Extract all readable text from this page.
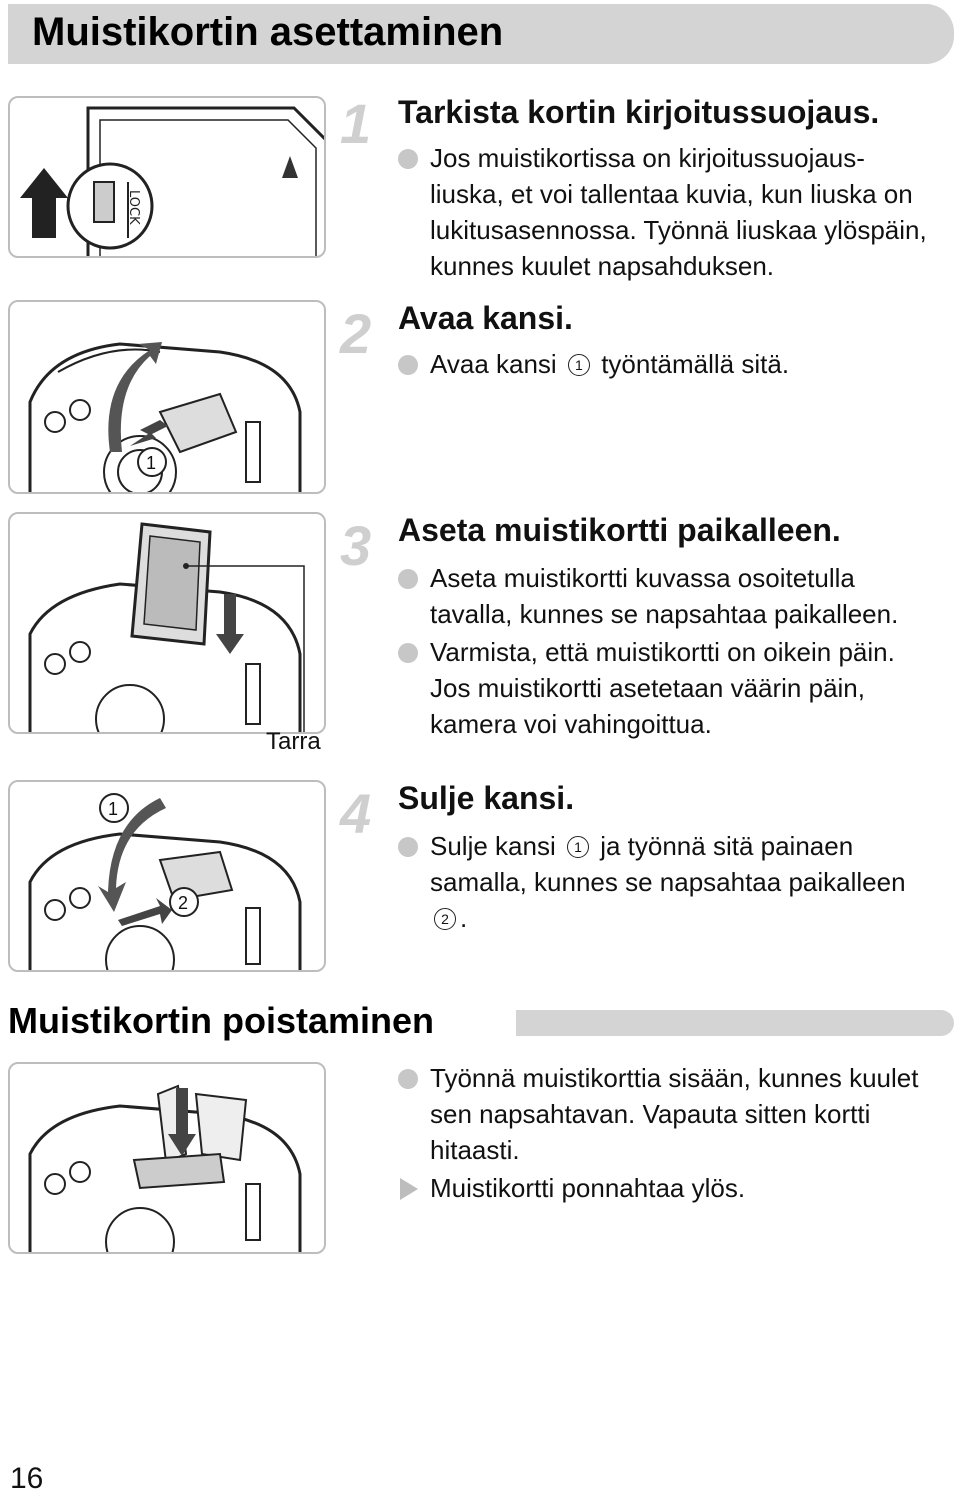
Muistikortin asettaminen
LOCK
1
Tarra
1
2
1 Tarkista kortin kirjoitussuojaus.
Jos muistikortissa on kirjoitussuojaus-liuska, et voi tallentaa kuvia, kun liuska on lukitusasennossa. Työnnä liuskaa ylöspäin, kunnes kuulet napsahduksen.
2 Avaa kansi.
Avaa kansi 1 työntämällä sitä.
3 Aseta muistikortti paikalleen.
Aseta muistikortti kuvassa osoitetulla tavalla, kunnes se napsahtaa paikalleen.
Varmista, että muistikortti on oikein päin. Jos muistikortti asetetaan väärin päin, kamera voi vahingoittua.
4 Sulje kansi.
Sulje kansi 1 ja työnnä sitä painaen samalla, kunnes se napsahtaa paikalleen 2 .
Muistikortin poistaminen
Työnnä muistikorttia sisään, kunnes kuulet sen napsahtavan. Vapauta sitten kortti hitaasti.
Muistikortti ponnahtaa ylös.
16
